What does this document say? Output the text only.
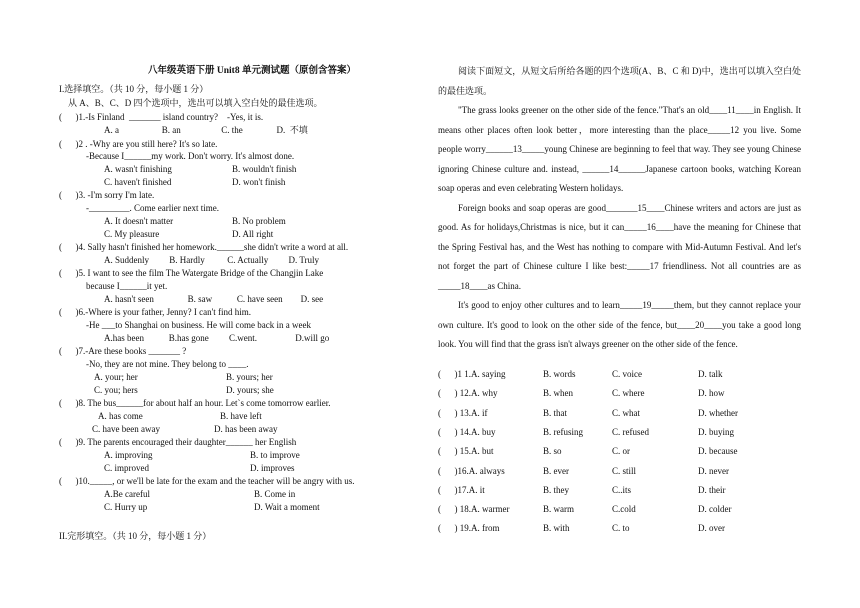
八年级英语下册 Unit8 单元测试题（原创含答案）
I.选择填空。（共 10 分，每小题 1 分）
从 A、B、C、D 四个选项中，选出可以填入空白处的最佳选项。
(      )1.-Is Finland  _______ island country?    -Yes, it is.
A. a                   B. an                  C. the               D.  不填
(      )2 . -Why are you still here? It's so late.
-Because I______my work. Don't worry. It's almost done.
A. wasn't finishing	B. wouldn't finish
C. haven't finished	D. won't finish
(      )3. -I'm sorry I'm late.
-_________. Come earlier next time.
A. It doesn't matter	B. No problem
C. My pleasure	D. All right
(      )4. Sally hasn't finished her homework.______she didn't write a word at all.
A. Suddenly         B. Hardly          C. Actually         D. Truly
(      )5. I want to see the film The Watergate Bridge of the Changjin Lake
because I______it yet.
A. hasn't seen               B. saw           C. have seen        D. see
(      )6.-Where is your father, Jenny? I can't find him.
-He ___to Shanghai on business. He will come back in a week
A.has been           B.has gone         C.went.                 D.will go
(      )7.-Are these books _______ ?
-No, they are not mine. They belong to ____.
A. your; her	B. yours; her
C. you; hers	D. yours; she
(      )8. The bus______for about half an hour. Let`s come tomorrow earlier.
A. has come	B. have left
C. have been away	D. has been away
(      )9. The parents encouraged their daughter______ her English
A. improving	B. to improve
C. improved	D. improves
(      )10._____, or we'll be late for the exam and the teacher will be angry with us.
A.Be careful	B. Come in
C. Hurry up	D. Wait a moment
II.完形填空。（共 10 分，每小题 1 分）

阅读下面短文，从短文后所给各题的四个选项(A、B、C 和 D)中，选出可以填入空白处的最佳选项。

"The grass looks greener on the other side of the fence."That's an old____11____in English. It means other places often look better，more interesting than the place_____12 you live. Some people worry______13_____young Chinese are beginning to feel that way. They see young Chinese ignoring Chinese culture and. instead, ______14______Japanese cartoon books, watching Korean soap operas and even celebrating Western holidays.

Foreign books and soap operas are good_______15____Chinese writers and actors are just as good. As for holidays,Christmas is nice, but it can_____16____have the meaning for Chinese that the Spring Festival has, and the West has nothing to compare with Mid-Autumn Festival. And let's not forget the part of Chinese culture I like best:_____17 friendliness. Not all countries are as _____18____as China.

It's good to enjoy other cultures and to learn_____19_____them, but they cannot replace your own culture. It's good to look on the other side of the fence, but____20____you take a good long look. You will find that the grass isn't always greener on the other side of the fence.

(      )1 1.A. saying	B. words	C. voice	D. talk
(      ) 12.A. why	B. when	C. where	D. how
(      ) 13.A. if	B. that	C. what	D. whether
(      ) 14.A. buy	B. refusing	C. refused	D. buying
(      ) 15.A. but	B. so	C. or	D. because
(      )16.A. always	B. ever	C. still	D. never
(      )17.A. it	B. they	C..its	D. their
(      ) 18.A. warmer	B. warm	C.cold	D. colder
(      ) 19.A. from	B. with	C. to	D. over
